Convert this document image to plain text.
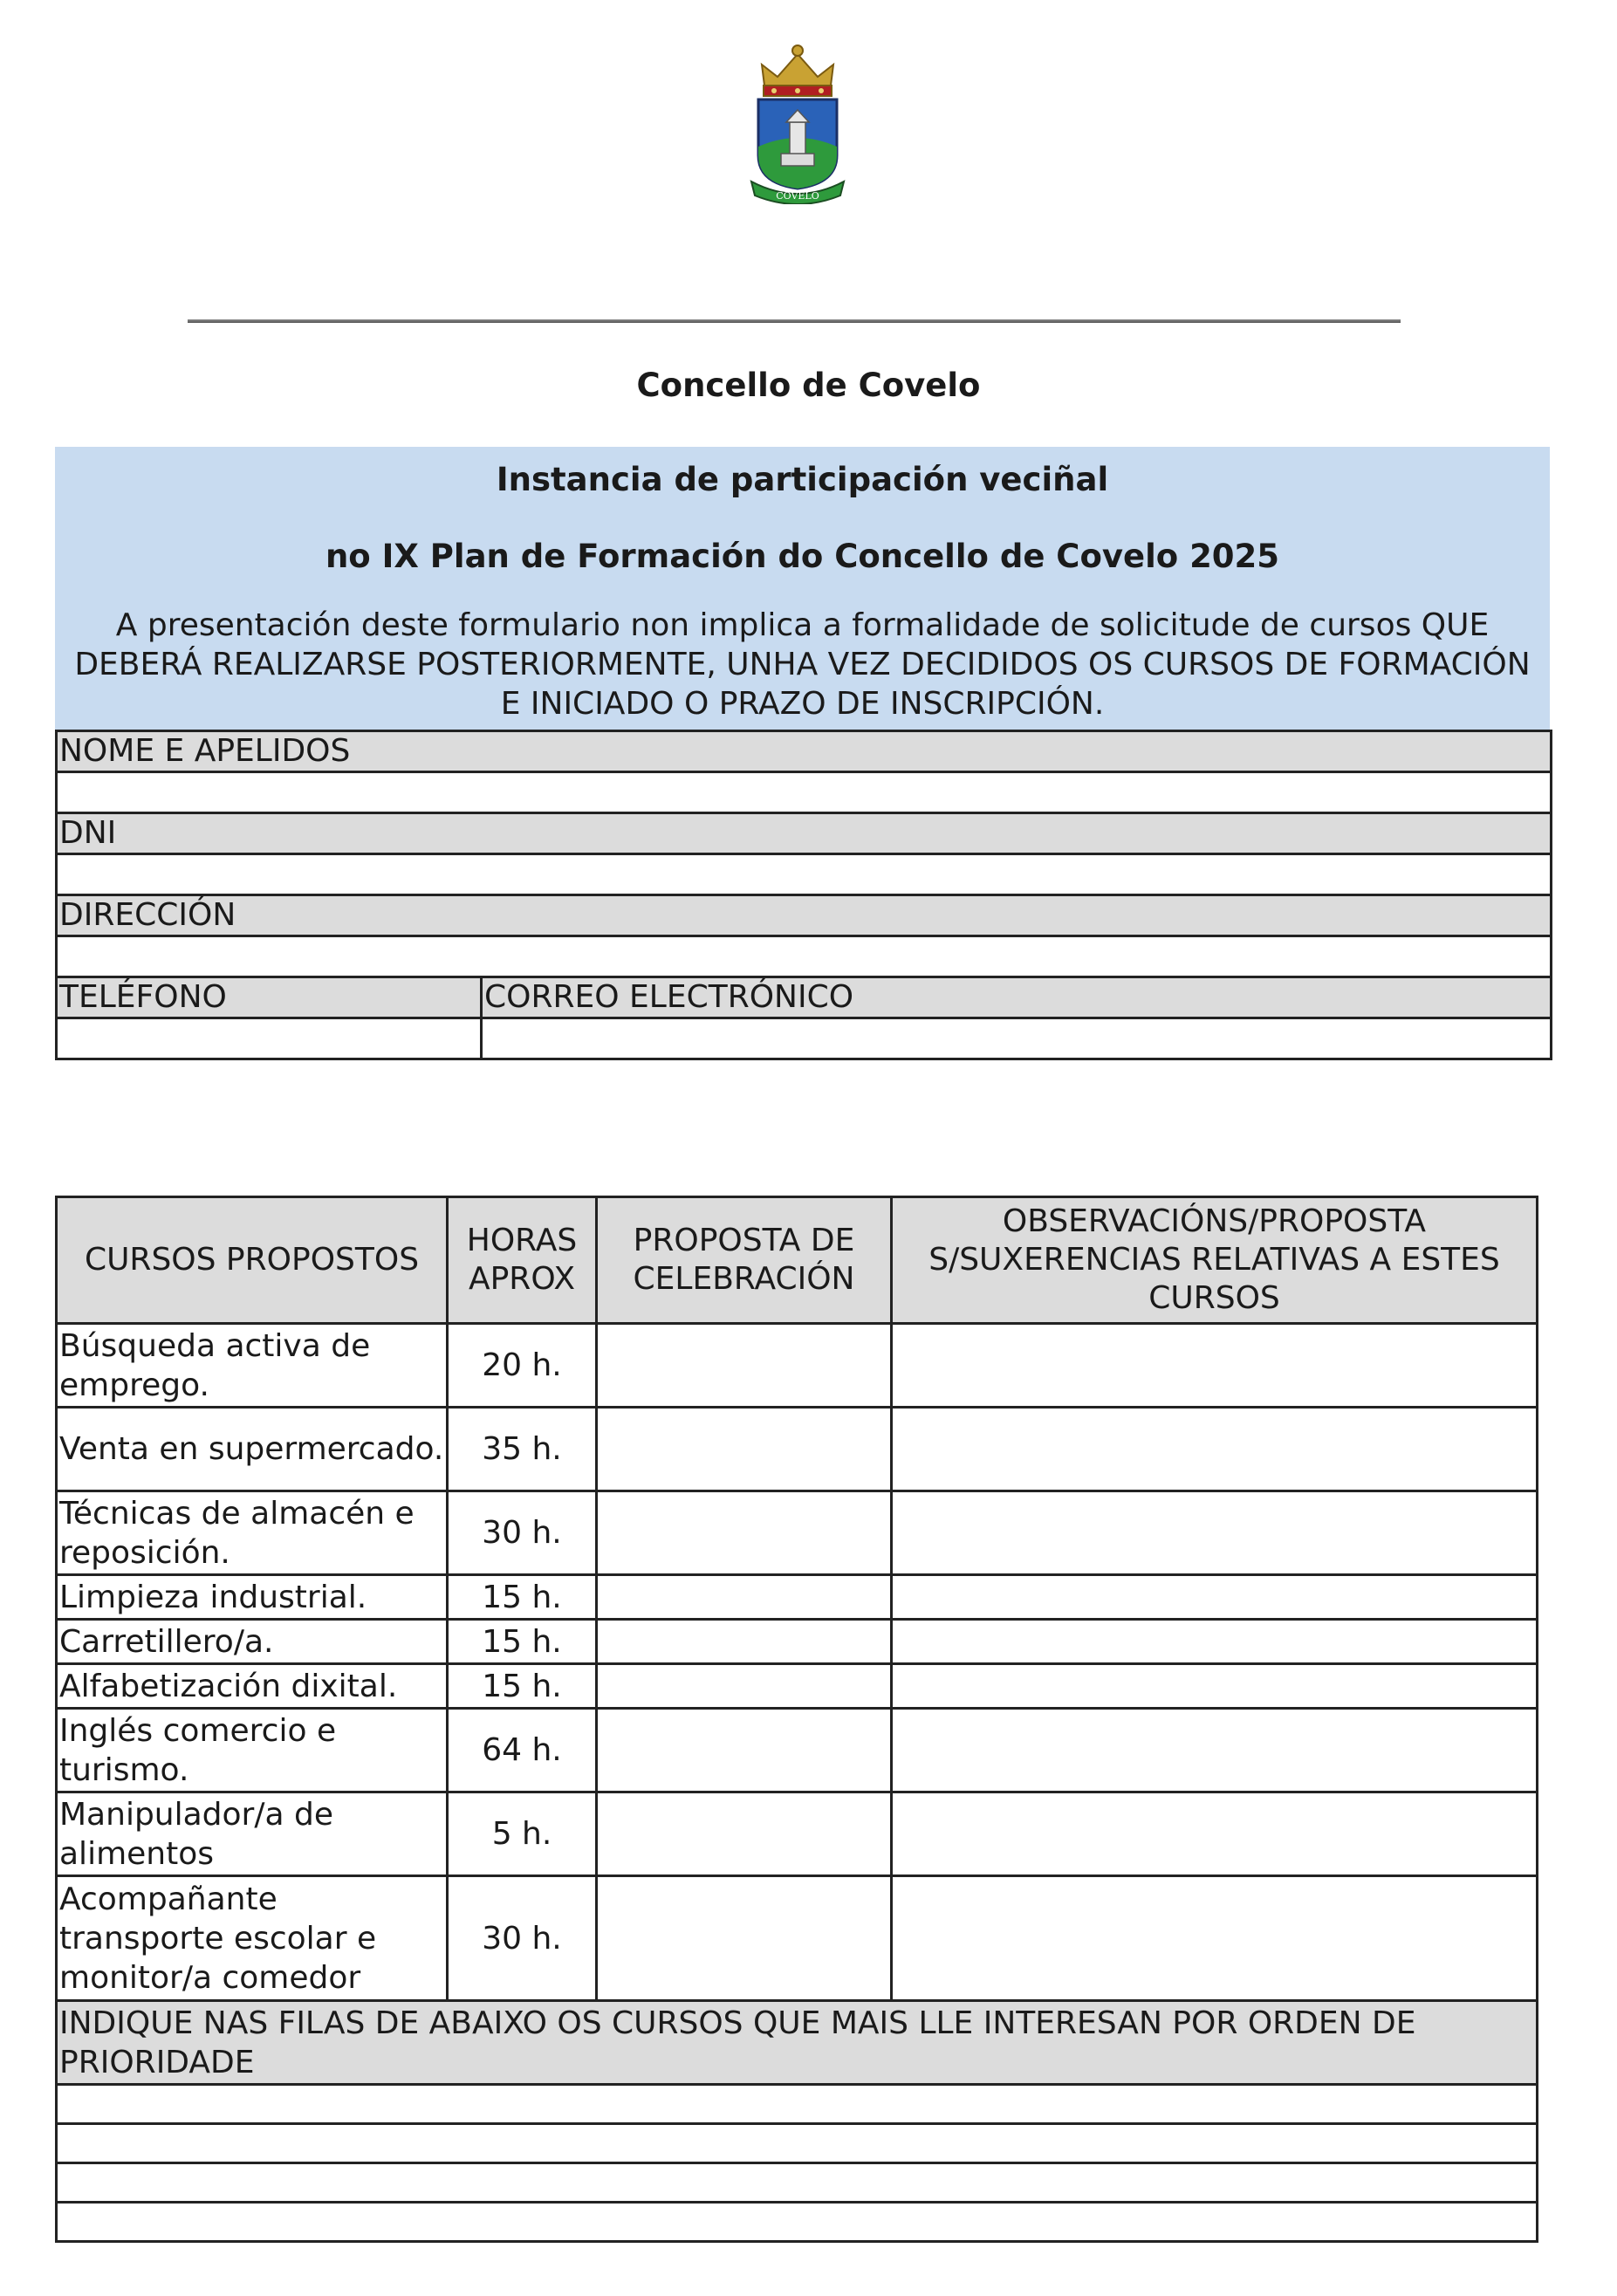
COVELO
Concello de Covelo
Instancia de participación veciñal
no IX Plan de Formación do Concello de Covelo 2025
A presentación deste formulario non implica a formalidade de solicitude de cursos QUE DEBERÁ REALIZARSE POSTERIORMENTE, UNHA VEZ DECIDIDOS OS CURSOS DE FORMACIÓN E INICIADO O PRAZO DE INSCRIPCIÓN.
NOME E APELIDOS	

DNI	

DIRECCIÓN	

TELÉFONO	CORREO ELECTRÓNICO

CURSOS PROPOSTOS	HORAS APROX	PROPOSTA DE CELEBRACIÓN	OBSERVACIÓNS/PROPOSTA S/SUXERENCIAS RELATIVAS A ESTES CURSOS
Búsqueda activa de emprego.	20 h.		
Venta en supermercado.	35 h.		
Técnicas de almacén e reposición.	30 h.		
Limpieza industrial.	15 h.		
Carretillero/a.	15 h.		
Alfabetización dixital.	15 h.		
Inglés comercio e turismo.	64 h.		
Manipulador/a de alimentos	5 h.		
Acompañante transporte escolar e monitor/a comedor	30 h.		
INDIQUE NAS FILAS DE ABAIXO OS CURSOS QUE MAIS LLE INTERESAN POR ORDEN DE PRIORIDADE			
